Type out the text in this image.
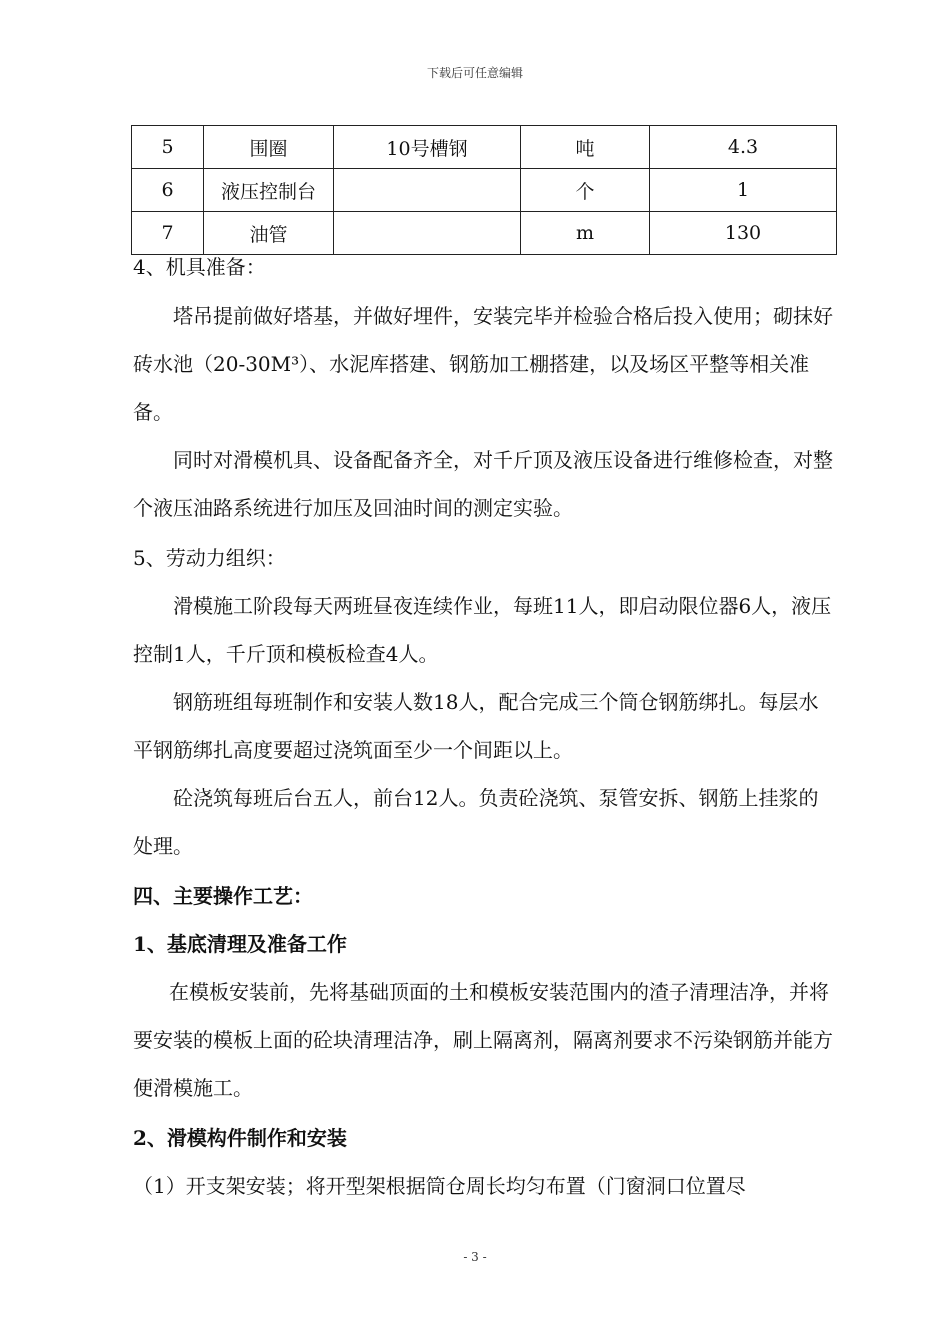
下载后可任意编辑
5	围圈	10号槽钢	吨	4.3
6	液压控制台		个	1
7	油管		m	130

4、机具准备：

塔吊提前做好塔基，并做好埋件，安装完毕并检验合格后投入使用；砌抹好砖水池（20-30M³）、水泥库搭建、钢筋加工棚搭建，以及场区平整等相关准备。

同时对滑模机具、设备配备齐全，对千斤顶及液压设备进行维修检查，对整个液压油路系统进行加压及回油时间的测定实验。

5、劳动力组织：

滑模施工阶段每天两班昼夜连续作业，每班11人，即启动限位器6人，液压控制1人，千斤顶和模板检查4人。

钢筋班组每班制作和安装人数18人，配合完成三个筒仓钢筋绑扎。每层水平钢筋绑扎高度要超过浇筑面至少一个间距以上。

砼浇筑每班后台五人，前台12人。负责砼浇筑、泵管安拆、钢筋上挂浆的处理。

四、主要操作工艺：

1、基底清理及准备工作

在模板安装前，先将基础顶面的土和模板安装范围内的渣子清理洁净，并将要安装的模板上面的砼块清理洁净，刷上隔离剂，隔离剂要求不污染钢筋并能方便滑模施工。

2、滑模构件制作和安装

（1）开支架安装；将开型架根据筒仓周长均匀布置（门窗洞口位置尽

- 3 -
